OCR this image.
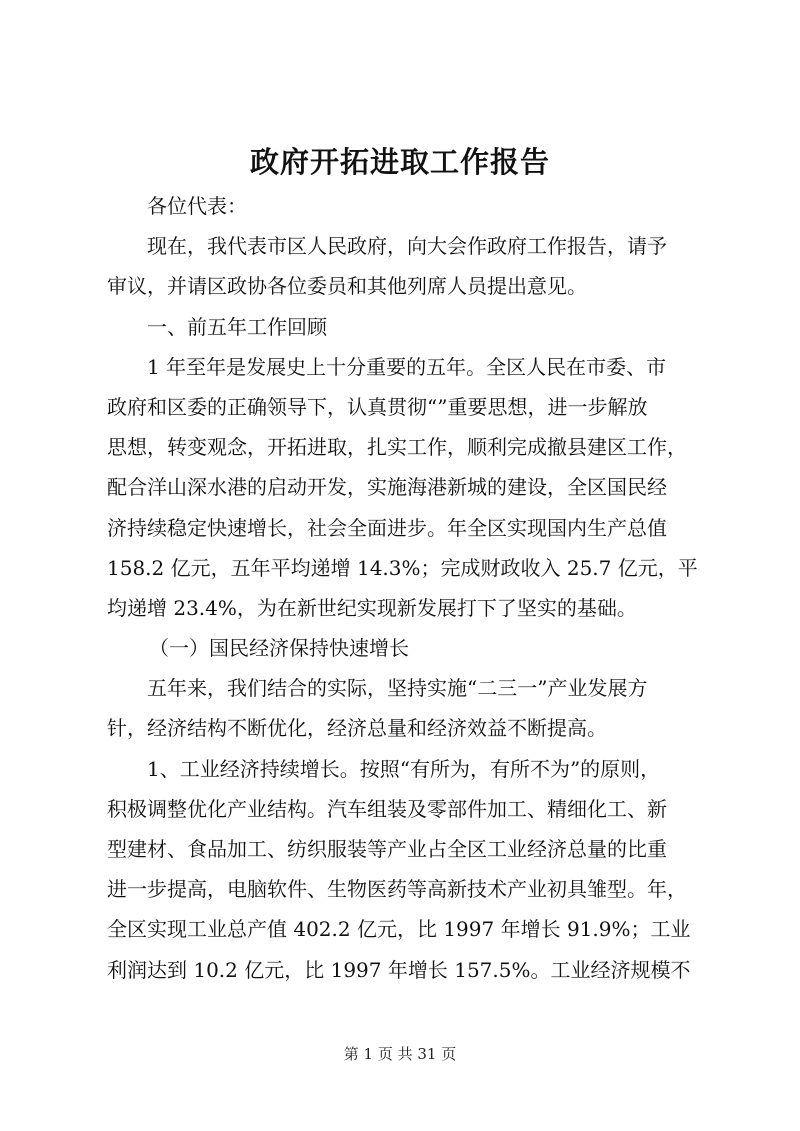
政府开拓进取工作报告
各位代表：
现在，我代表市区人民政府，向大会作政府工作报告，请予
审议，并请区政协各位委员和其他列席人员提出意见。
一、前五年工作回顾
1 年至年是发展史上十分重要的五年。全区人民在市委、市
政府和区委的正确领导下，认真贯彻“”重要思想，进一步解放
思想，转变观念，开拓进取，扎实工作，顺利完成撤县建区工作，
配合洋山深水港的启动开发，实施海港新城的建设，全区国民经
济持续稳定快速增长，社会全面进步。年全区实现国内生产总值
158.2 亿元，五年平均递增 14.3%；完成财政收入 25.7 亿元，平
均递增 23.4%，为在新世纪实现新发展打下了坚实的基础。
（一）国民经济保持快速增长
五年来，我们结合的实际，坚持实施“二三一”产业发展方
针，经济结构不断优化，经济总量和经济效益不断提高。
1、工业经济持续增长。按照“有所为，有所不为”的原则，
积极调整优化产业结构。汽车组装及零部件加工、精细化工、新
型建材、食品加工、纺织服装等产业占全区工业经济总量的比重
进一步提高，电脑软件、生物医药等高新技术产业初具雏型。年，
全区实现工业总产值 402.2 亿元，比 1997 年增长 91.9%；工业
利润达到 10.2 亿元，比 1997 年增长 157.5%。工业经济规模不
第 1 页 共 31 页
